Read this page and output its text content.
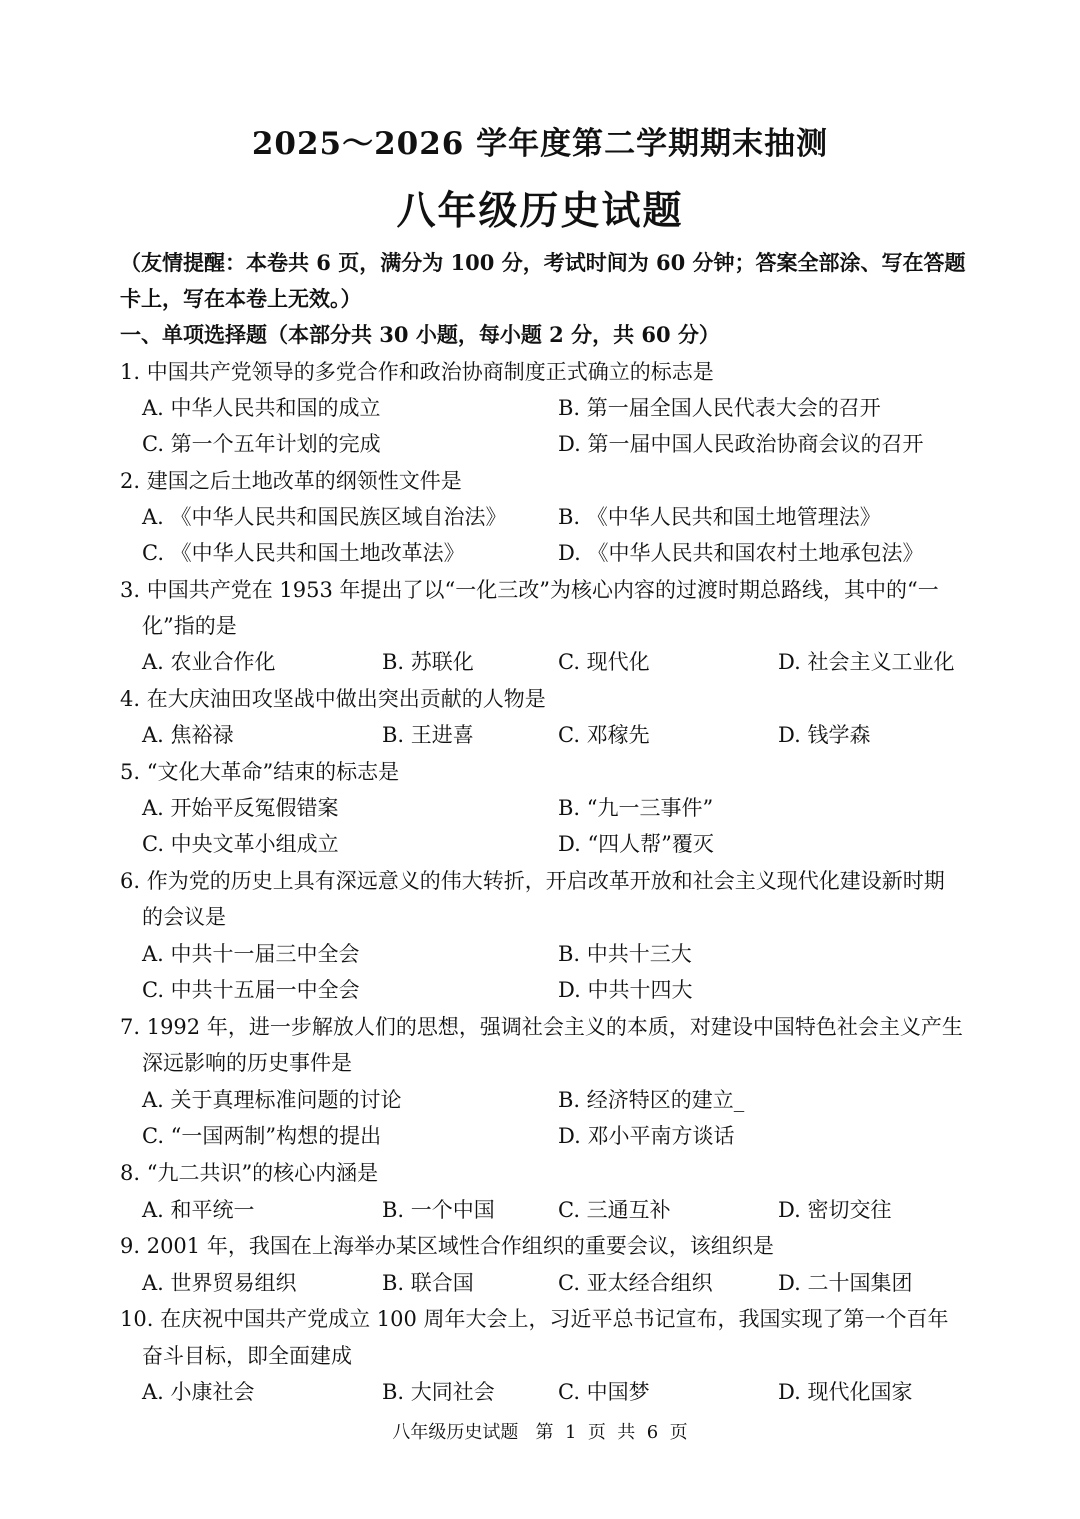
2025～2026 学年度第二学期期末抽测
八年级历史试题
（友情提醒：本卷共 6 页，满分为 100 分，考试时间为 60 分钟；答案全部涂、写在答题
卡上，写在本卷上无效。）
一、单项选择题（本部分共 30 小题，每小题 2 分，共 60 分）
1. 中国共产党领导的多党合作和政治协商制度正式确立的标志是
A. 中华人民共和国的成立	B. 第一届全国人民代表大会的召开
C. 第一个五年计划的完成	D. 第一届中国人民政治协商会议的召开
2. 建国之后土地改革的纲领性文件是
A. 《中华人民共和国民族区域自治法》 B. 《中华人民共和国土地管理法》
C. 《中华人民共和国土地改革法》	D. 《中华人民共和国农村土地承包法》
3. 中国共产党在 1953 年提出了以“一化三改”为核心内容的过渡时期总路线，其中的“一
化”指的是
A. 农业合作化	B. 苏联化	C. 现代化	D. 社会主义工业化
4. 在大庆油田攻坚战中做出突出贡献的人物是
A. 焦裕禄	B. 王进喜	C. 邓稼先	D. 钱学森
5. “文化大革命”结束的标志是
A. 开始平反冤假错案	B. “九一三事件”
C. 中央文革小组成立	D. “四人帮”覆灭
6. 作为党的历史上具有深远意义的伟大转折，开启改革开放和社会主义现代化建设新时期
的会议是
A. 中共十一届三中全会	B. 中共十三大
C. 中共十五届一中全会	D. 中共十四大
7. 1992 年，进一步解放人们的思想，强调社会主义的本质，对建设中国特色社会主义产生
深远影响的历史事件是
A. 关于真理标准问题的讨论	B. 经济特区的建立_
C. “一国两制”构想的提出	D. 邓小平南方谈话
8. “九二共识”的核心内涵是
A. 和平统一	B. 一个中国	C. 三通互补	D. 密切交往
9. 2001 年，我国在上海举办某区域性合作组织的重要会议，该组织是
A. 世界贸易组织	B. 联合国	C. 亚太经合组织	D. 二十国集团
10. 在庆祝中国共产党成立 100 周年大会上，习近平总书记宣布，我国实现了第一个百年
奋斗目标，即全面建成
A. 小康社会	B. 大同社会	C. 中国梦	D. 现代化国家
八年级历史试题   第  1  页  共  6  页
